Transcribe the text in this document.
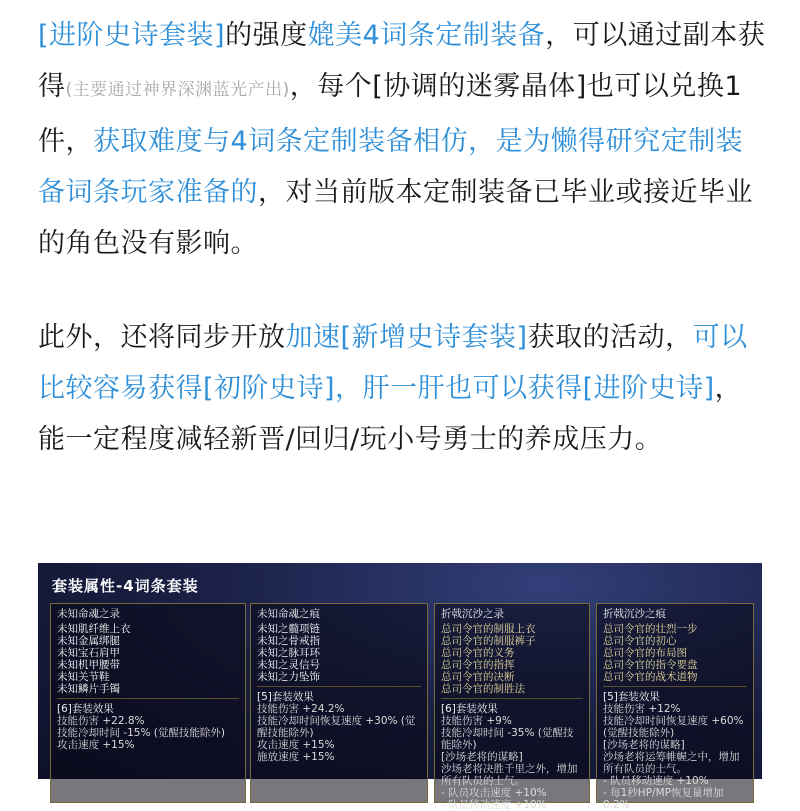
[进阶史诗套装]的强度媲美4词条定制装备，可以通过副本获得(主要通过神界深渊蓝光产出)，每个[协调的迷雾晶体]也可以兑换1件，获取难度与4词条定制装备相仿，是为懒得研究定制装备词条玩家准备的，对当前版本定制装备已毕业或接近毕业的角色没有影响。

此外，还将同步开放加速[新增史诗套装]获取的活动，可以比较容易获得[初阶史诗]，肝一肝也可以获得[进阶史诗]，能一定程度减轻新晋/回归/玩小号勇士的养成压力。

套装属性-4词条套装
未知命魂之录
未知肌纤维上衣
未知金属绑腿
未知宝石肩甲
未知机甲腰带
未知关节鞋
未知鳞片手镯
[6]套装效果
技能伤害 +22.8%
技能冷却时间 -15% (觉醒技能除外)
攻击速度 +15%
未知命魂之痕
未知之髓项链
未知之骨戒指
未知之脉耳环
未知之灵信号
未知之力坠饰
[5]套装效果
技能伤害 +24.2%
技能冷却时间恢复速度 +30% (觉醒技能除外)
攻击速度 +15%
施放速度 +15%
折戟沉沙之录
总司令官的制服上衣
总司令官的制服裤子
总司令官的义务
总司令官的指挥
总司令官的决断
总司令官的制胜法
[6]套装效果
技能伤害 +9%
技能冷却时间 -35% (觉醒技能除外)
[沙场老将的谋略]
沙场老将决胜千里之外，增加所有队员的士气。
- 队员攻击速度 +10%
- 队员移动速度 +10%
折戟沉沙之痕
总司令官的壮烈一步
总司令官的初心
总司令官的布局图
总司令官的指令要盘
总司令官的战术道物
[5]套装效果
技能伤害 +12%
技能冷却时间恢复速度 +60% (觉醒技能除外)
[沙场老将的谋略]
沙场老将运筹帷幄之中，增加所有队员的士气。
- 队员移动速度 +10%
- 每1秒HP/MP恢复量增加0.2%
